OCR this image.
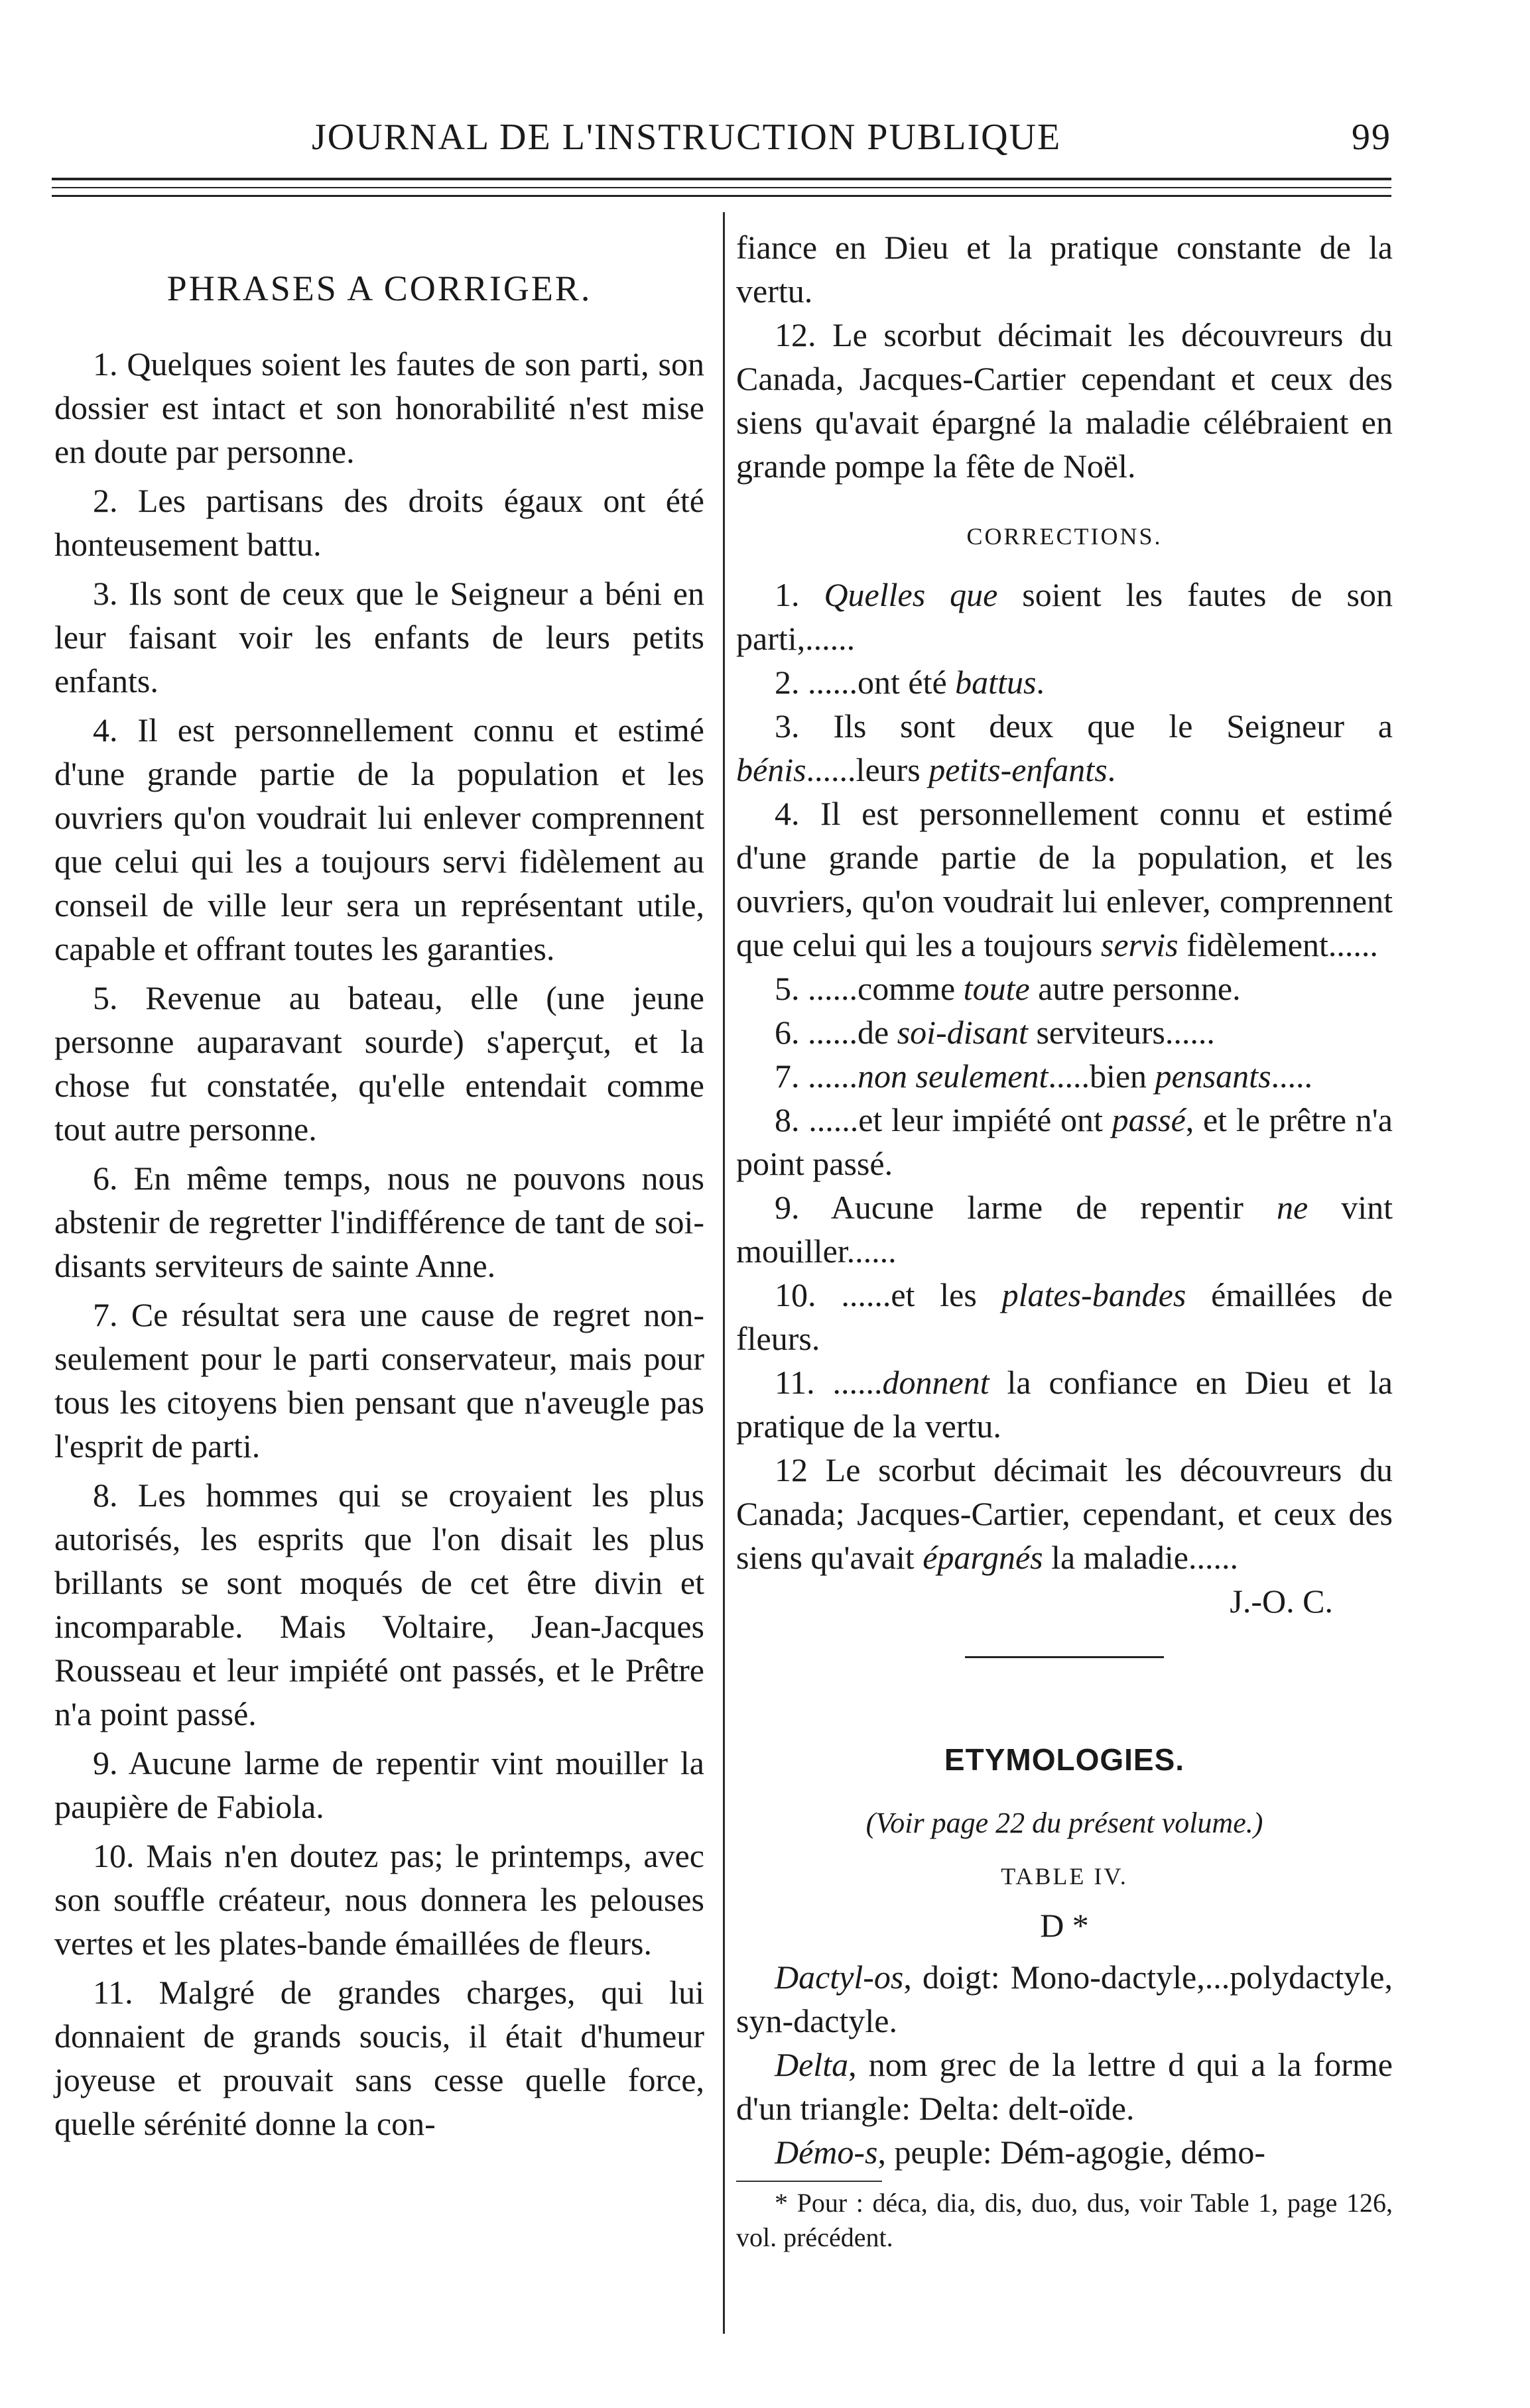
JOURNAL DE L'INSTRUCTION PUBLIQUE	99
PHRASES A CORRIGER.

1. Quelques soient les fautes de son parti, son dossier est intact et son honorabilité n'est mise en doute par personne.

2. Les partisans des droits égaux ont été honteusement battu.

3. Ils sont de ceux que le Seigneur a béni en leur faisant voir les enfants de leurs petits enfants.

4. Il est personnellement connu et estimé d'une grande partie de la population et les ouvriers qu'on voudrait lui enlever comprennent que celui qui les a toujours servi fidèlement au conseil de ville leur sera un représentant utile, capable et offrant toutes les garanties.

5. Revenue au bateau, elle (une jeune personne auparavant sourde) s'aperçut, et la chose fut constatée, qu'elle entendait comme tout autre personne.

6. En même temps, nous ne pouvons nous abstenir de regretter l'indifférence de tant de soi-disants serviteurs de sainte Anne.

7. Ce résultat sera une cause de regret non-seulement pour le parti conservateur, mais pour tous les citoyens bien pensant que n'aveugle pas l'esprit de parti.

8. Les hommes qui se croyaient les plus autorisés, les esprits que l'on disait les plus brillants se sont moqués de cet être divin et incomparable. Mais Voltaire, Jean-Jacques Rousseau et leur impiété ont passés, et le Prêtre n'a point passé.

9. Aucune larme de repentir vint mouiller la paupière de Fabiola.

10. Mais n'en doutez pas; le printemps, avec son souffle créateur, nous donnera les pelouses vertes et les plates-bande émaillées de fleurs.

11. Malgré de grandes charges, qui lui donnaient de grands soucis, il était d'humeur joyeuse et prouvait sans cesse quelle force, quelle sérénité donne la con-

fiance en Dieu et la pratique constante de la vertu.

12. Le scorbut décimait les découvreurs du Canada, Jacques-Cartier cependant et ceux des siens qu'avait épargné la maladie célébraient en grande pompe la fête de Noël.

CORRECTIONS.

1. Quelles que soient les fautes de son parti,......

2. ......ont été battus.

3. Ils sont deux que le Seigneur a bénis......leurs petits-enfants.

4. Il est personnellement connu et estimé d'une grande partie de la population, et les ouvriers, qu'on voudrait lui enlever, comprennent que celui qui les a toujours servis fidèlement......

5. ......comme toute autre personne.

6. ......de soi-disant serviteurs......

7. ......non seulement.....bien pensants.....

8. ......et leur impiété ont passé, et le prêtre n'a point passé.

9. Aucune larme de repentir ne vint mouiller......

10. ......et les plates-bandes émaillées de fleurs.

11. ......donnent la confiance en Dieu et la pratique de la vertu.

12 Le scorbut décimait les découvreurs du Canada; Jacques-Cartier, cependant, et ceux des siens qu'avait épargnés la maladie......

J.-O. C.

ETYMOLOGIES.

(Voir page 22 du présent volume.)

TABLE IV.

D *

Dactyl-os, doigt: Mono-dactyle,...polydactyle, syn-dactyle.

Delta, nom grec de la lettre d qui a la forme d'un triangle: Delta: delt-oïde.

Démo-s, peuple: Dém-agogie, démo-

* Pour : déca, dia, dis, duo, dus, voir Table 1, page 126, vol. précédent.
